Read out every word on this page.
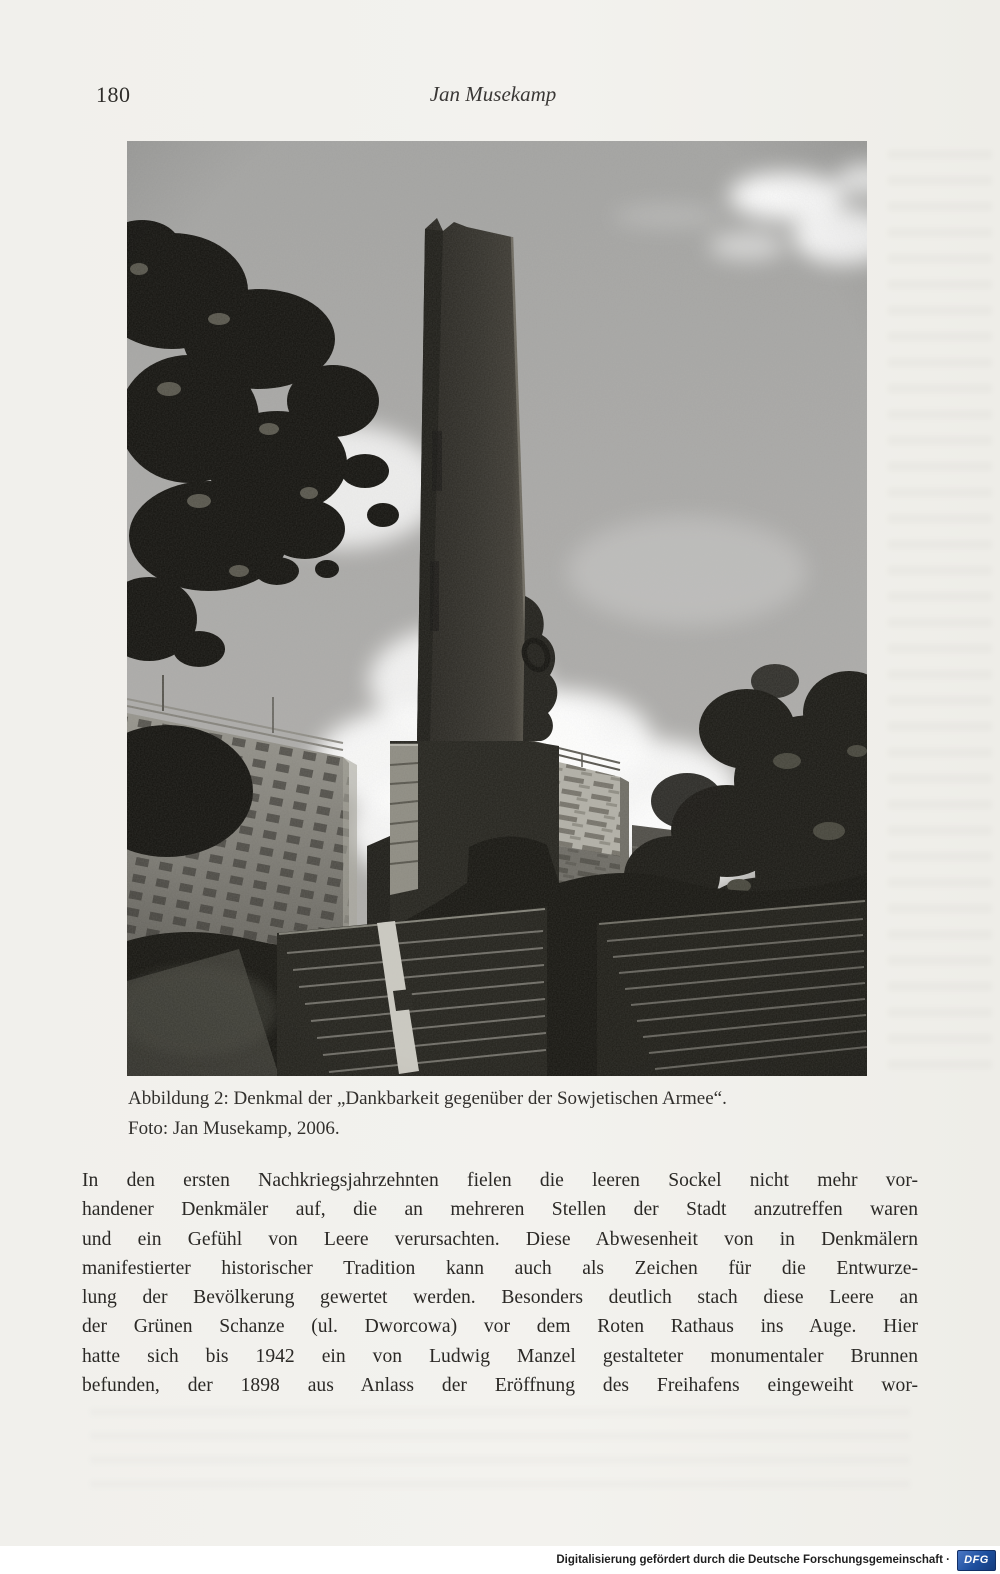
180	Jan Musekamp
Abbildung 2: Denkmal der „Dankbarkeit gegenüber der Sowjetischen Armee“.
Foto: Jan Musekamp, 2006.
In den ersten Nachkriegsjahrzehnten fielen die leeren Sockel nicht mehr vor-
handener Denkmäler auf, die an mehreren Stellen der Stadt anzutreffen waren
und ein Gefühl von Leere verursachten. Diese Abwesenheit von in Denkmälern
manifestierter historischer Tradition kann auch als Zeichen für die Entwurze-
lung der Bevölkerung gewertet werden. Besonders deutlich stach diese Leere an
der Grünen Schanze (ul. Dworcowa) vor dem Roten Rathaus ins Auge. Hier
hatte sich bis 1942 ein von Ludwig Manzel gestalteter monumentaler Brunnen
befunden, der 1898 aus Anlass der Eröffnung des Freihafens eingeweiht wor-
Digitalisierung gefördert durch die Deutsche Forschungsgemeinschaft · DFG
